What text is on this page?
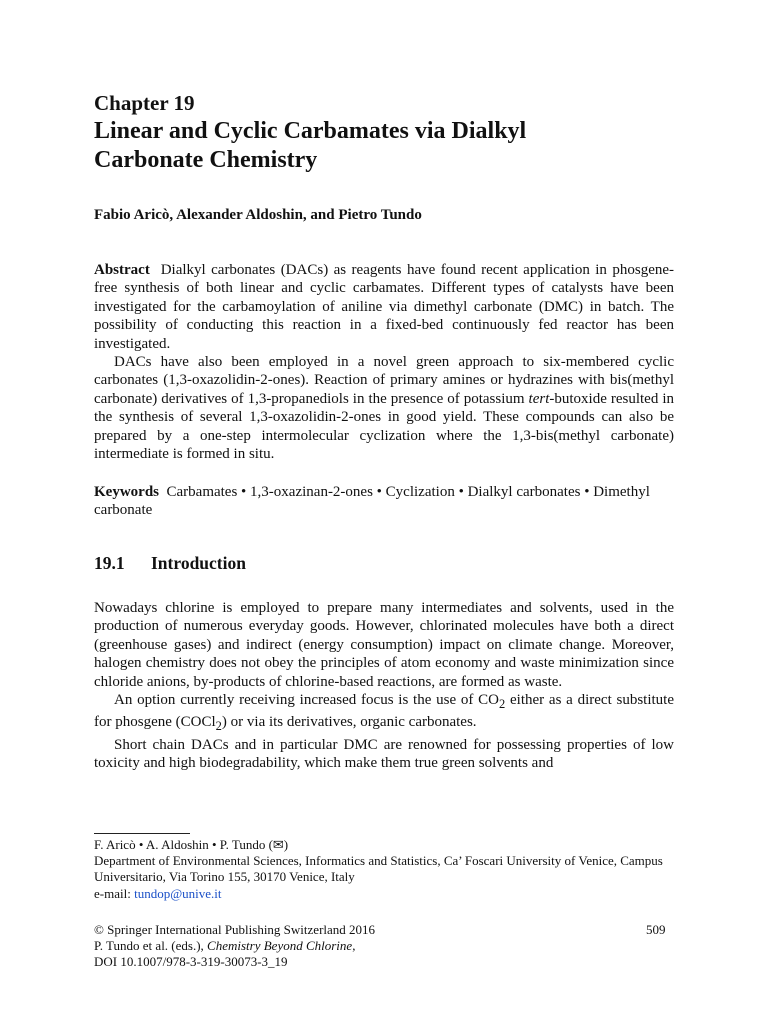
Chapter 19
Linear and Cyclic Carbamates via Dialkyl
Carbonate Chemistry
Fabio Aricò, Alexander Aldoshin, and Pietro Tundo

Abstract Dialkyl carbonates (DACs) as reagents have found recent application in phosgene-free synthesis of both linear and cyclic carbamates. Different types of catalysts have been investigated for the carbamoylation of aniline via dimethyl carbonate (DMC) in batch. The possibility of conducting this reaction in a fixed-bed continuously fed reactor has been investigated.

DACs have also been employed in a novel green approach to six-membered cyclic carbonates (1,3-oxazolidin-2-ones). Reaction of primary amines or hydrazines with bis(methyl carbonate) derivatives of 1,3-propanediols in the presence of potassium tert-butoxide resulted in the synthesis of several 1,3-oxazolidin-2-ones in good yield. These compounds can also be prepared by a one-step intermolecular cyclization where the 1,3-bis(methyl carbonate) intermediate is formed in situ.

Keywords Carbamates • 1,3-oxazinan-2-ones • Cyclization • Dialkyl carbonates • Dimethyl carbonate
19.1 Introduction

Nowadays chlorine is employed to prepare many intermediates and solvents, used in the production of numerous everyday goods. However, chlorinated molecules have both a direct (greenhouse gases) and indirect (energy consumption) impact on climate change. Moreover, halogen chemistry does not obey the principles of atom economy and waste minimization since chloride anions, by-products of chlorine-based reactions, are formed as waste.

An option currently receiving increased focus is the use of $CO_2$ either as a direct substitute for phosgene (COCl$_2$) or via its derivatives, organic carbonates.

Short chain DACs and in particular DMC are renowned for possessing properties of low toxicity and high biodegradability, which make them true green solvents and

F. Aricò • A. Aldoshin • P. Tundo (✉)
Department of Environmental Sciences, Informatics and Statistics, Ca’ Foscari University of Venice, Campus Universitario, Via Torino 155, 30170 Venice, Italy
e-mail: tundop@unive.it
© Springer International Publishing Switzerland 2016
P. Tundo et al. (eds.), Chemistry Beyond Chlorine,
DOI 10.1007/978-3-319-30073-3_19
509
